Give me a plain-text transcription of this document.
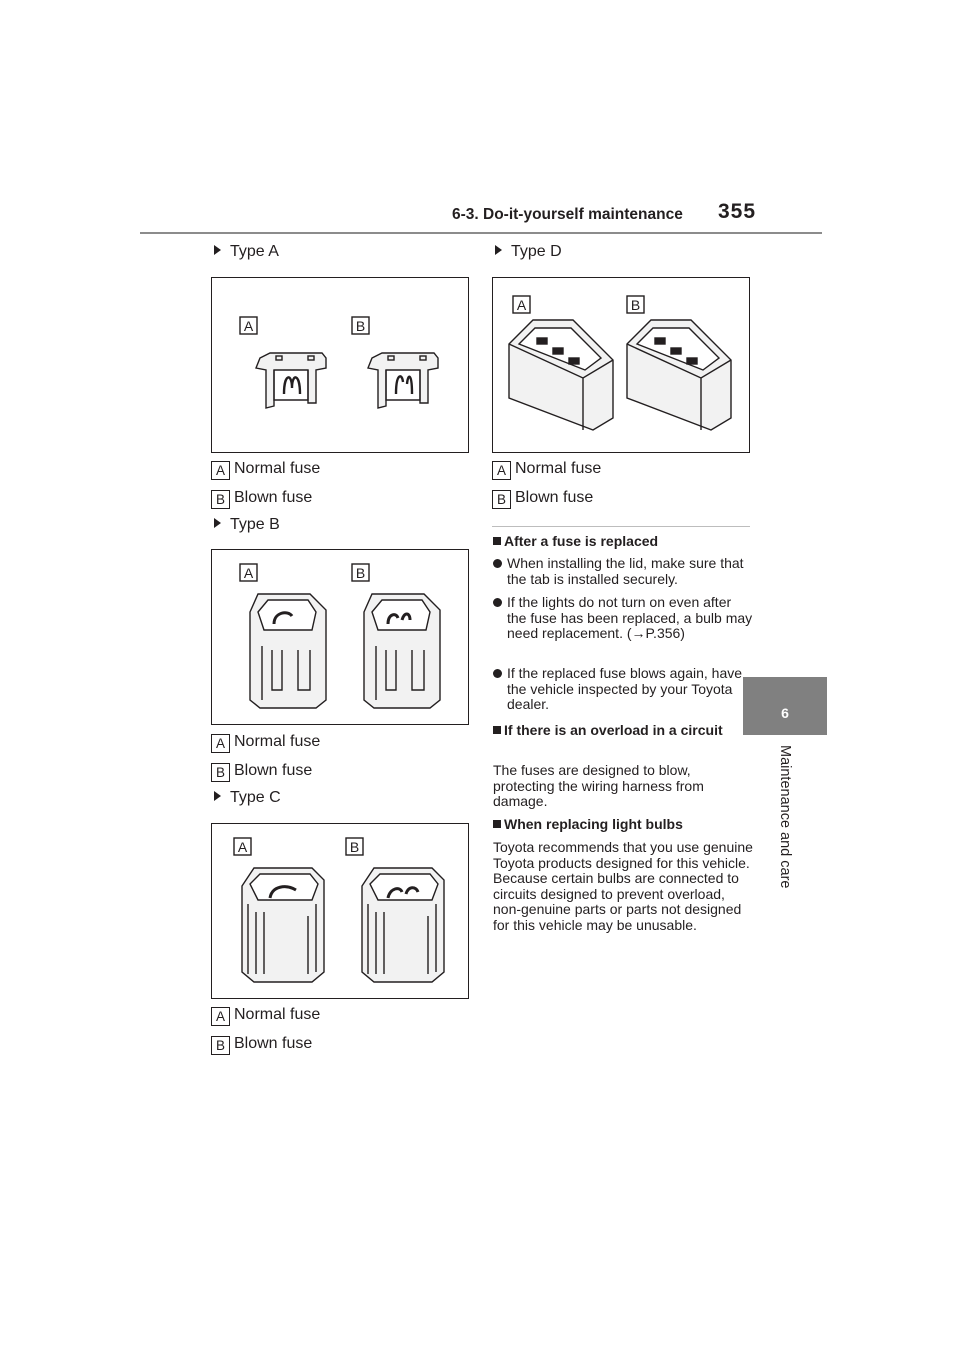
6-3. Do-it-yourself maintenance 355
6
Maintenance and care
Type A
A	B
A Normal fuse
B Blown fuse
Type B
A	B
A Normal fuse
B Blown fuse
Type C
A	B
A Normal fuse
B Blown fuse
Type D
A	B
A Normal fuse
B Blown fuse
After a fuse is replaced
When installing the lid, make sure that the tab is installed securely.
If the lights do not turn on even after the fuse has been replaced, a bulb may need replacement. (→P.356)
If the replaced fuse blows again, have the vehicle inspected by your Toyota dealer.
If there is an overload in a circuit
The fuses are designed to blow, protecting the wiring harness from damage.
When replacing light bulbs
Toyota recommends that you use genuine Toyota products designed for this vehicle.
Because certain bulbs are connected to circuits designed to prevent overload, non-genuine parts or parts not designed for this vehicle may be unusable.
